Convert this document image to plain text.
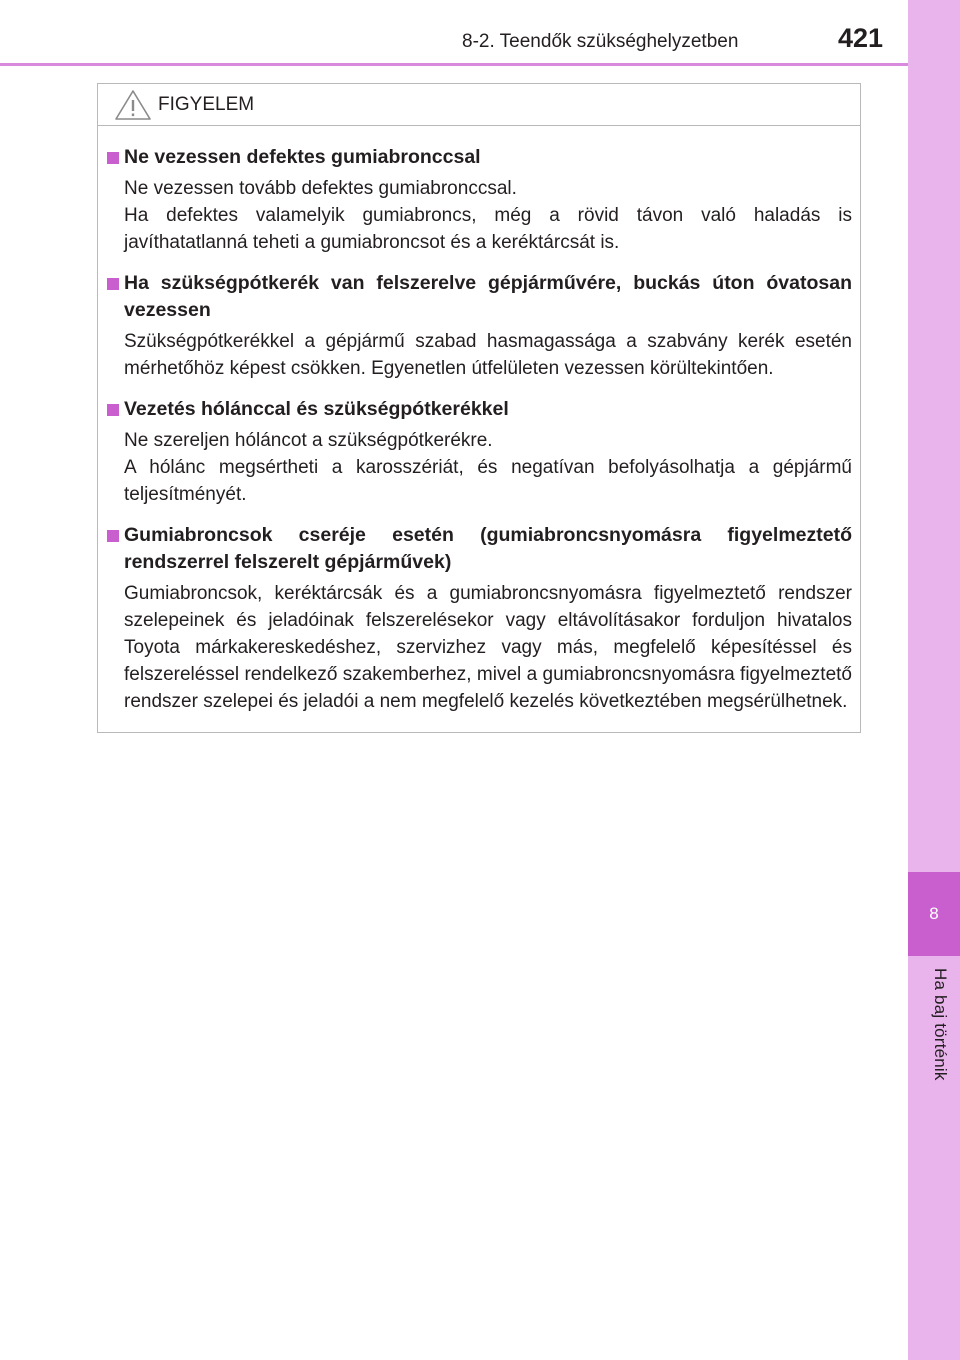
8
Ha baj történik
8-2. Teendők szükséghelyzetben	421
FIGYELEM
Ne vezessen defektes gumiabronccsal
Ne vezessen tovább defektes gumiabronccsal.
Ha defektes valamelyik gumiabroncs, még a rövid távon való haladás is javíthatatlanná teheti a gumiabroncsot és a keréktárcsát is.
Ha szükségpótkerék van felszerelve gépjárművére, buckás úton óvatosan vezessen
Szükségpótkerékkel a gépjármű szabad hasmagassága a szabvány kerék esetén mérhetőhöz képest csökken. Egyenetlen útfelületen vezessen körültekintően.
Vezetés hólánccal és szükségpótkerékkel
Ne szereljen hóláncot a szükségpótkerékre.
A hólánc megsértheti a karosszériát, és negatívan befolyásolhatja a gépjármű teljesítményét.
Gumiabroncsok cseréje esetén (gumiabroncsnyomásra figyelmeztető rendszerrel felszerelt gépjárművek)
Gumiabroncsok, keréktárcsák és a gumiabroncsnyomásra figyelmeztető rendszer szelepeinek és jeladóinak felszerelésekor vagy eltávolításakor forduljon hivatalos Toyota márkakereskedéshez, szervizhez vagy más, megfelelő képesítéssel és felszereléssel rendelkező szakemberhez, mivel a gumiabroncsnyomásra figyelmeztető rendszer szelepei és jeladói a nem megfelelő kezelés következtében megsérülhetnek.
